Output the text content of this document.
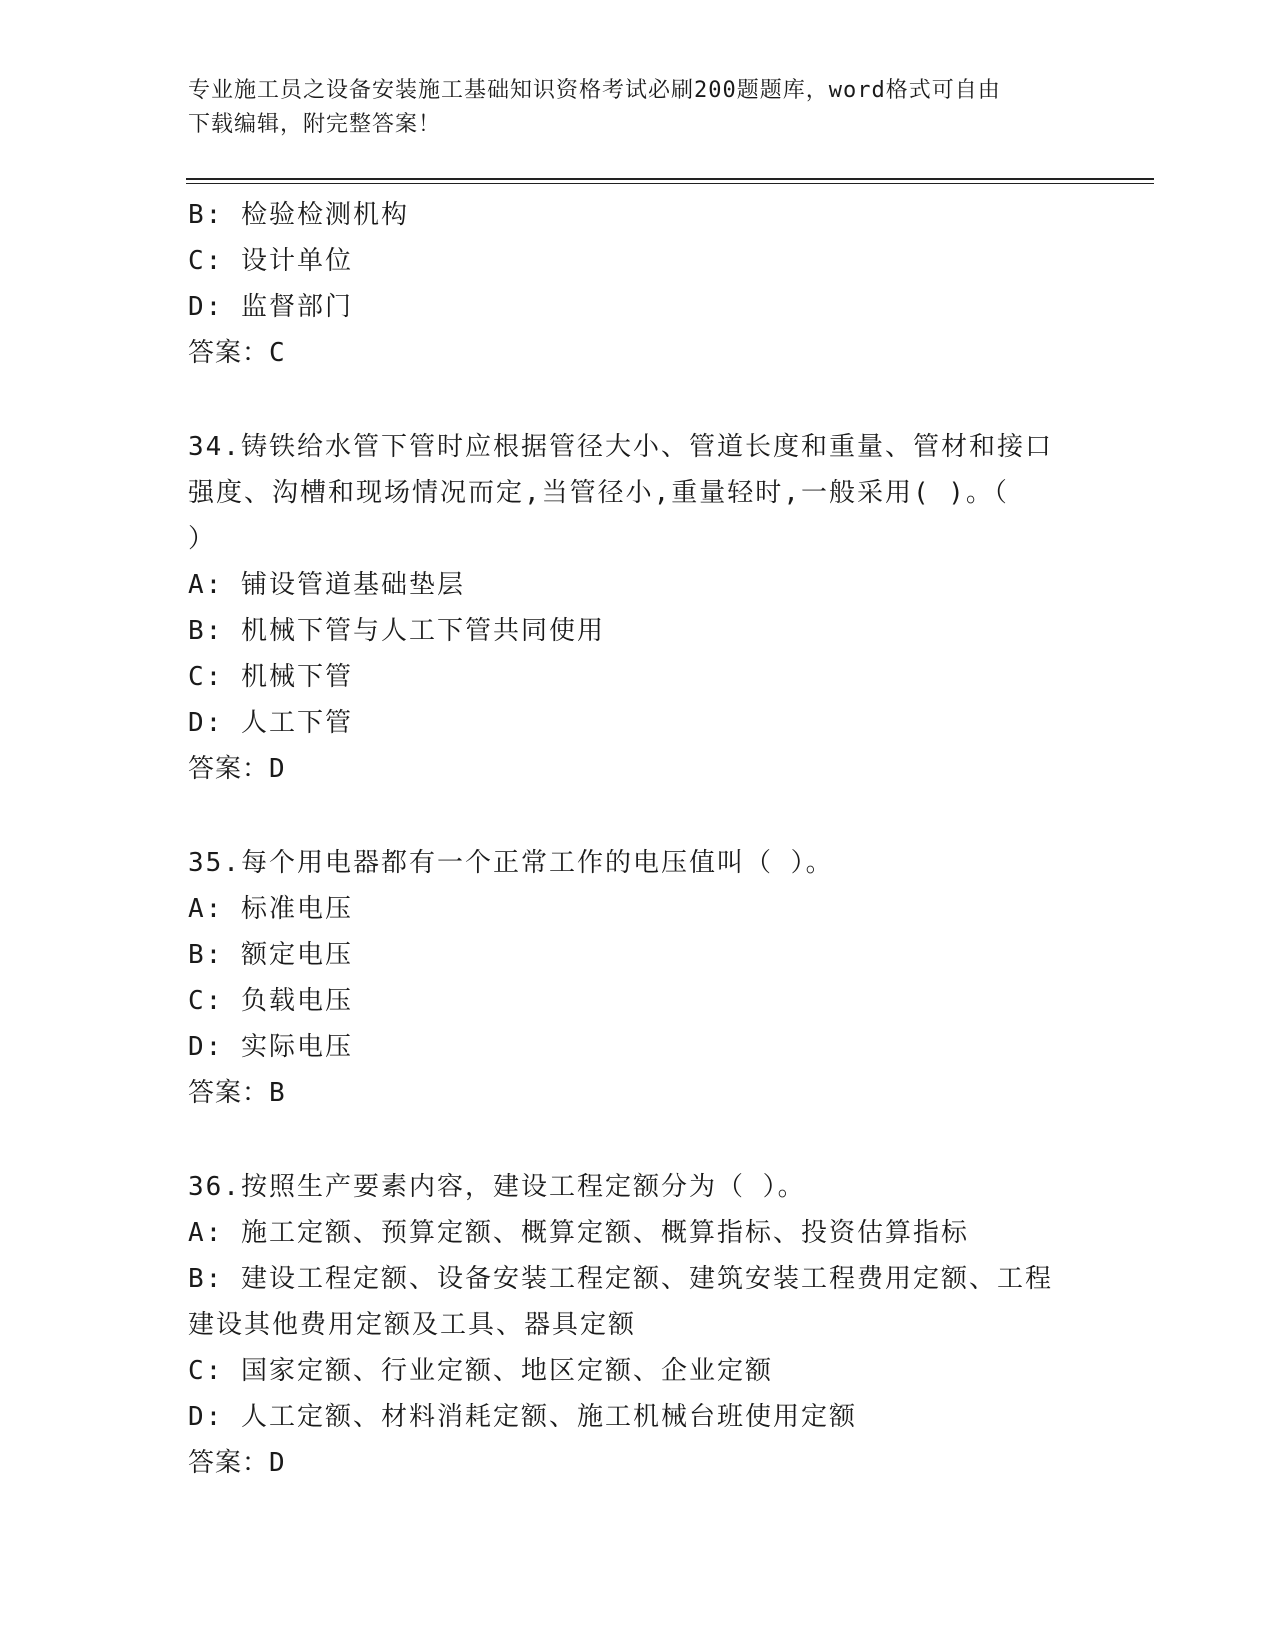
专业施工员之设备安装施工基础知识资格考试必刷200题题库，word格式可自由
下载编辑，附完整答案！
B: 检验检测机构
C: 设计单位
D: 监督部门
答案：C
34.铸铁给水管下管时应根据管径大小、管道长度和重量、管材和接口
强度、沟槽和现场情况而定,当管径小,重量轻时,一般采用( )。（
）
A: 铺设管道基础垫层
B: 机械下管与人工下管共同使用
C: 机械下管
D: 人工下管
答案：D
35.每个用电器都有一个正常工作的电压值叫（ ）。
A: 标准电压
B: 额定电压
C: 负载电压
D: 实际电压
答案：B
36.按照生产要素内容，建设工程定额分为（ ）。
A: 施工定额、预算定额、概算定额、概算指标、投资估算指标
B: 建设工程定额、设备安装工程定额、建筑安装工程费用定额、工程
建设其他费用定额及工具、器具定额
C: 国家定额、行业定额、地区定额、企业定额
D: 人工定额、材料消耗定额、施工机械台班使用定额
答案：D
